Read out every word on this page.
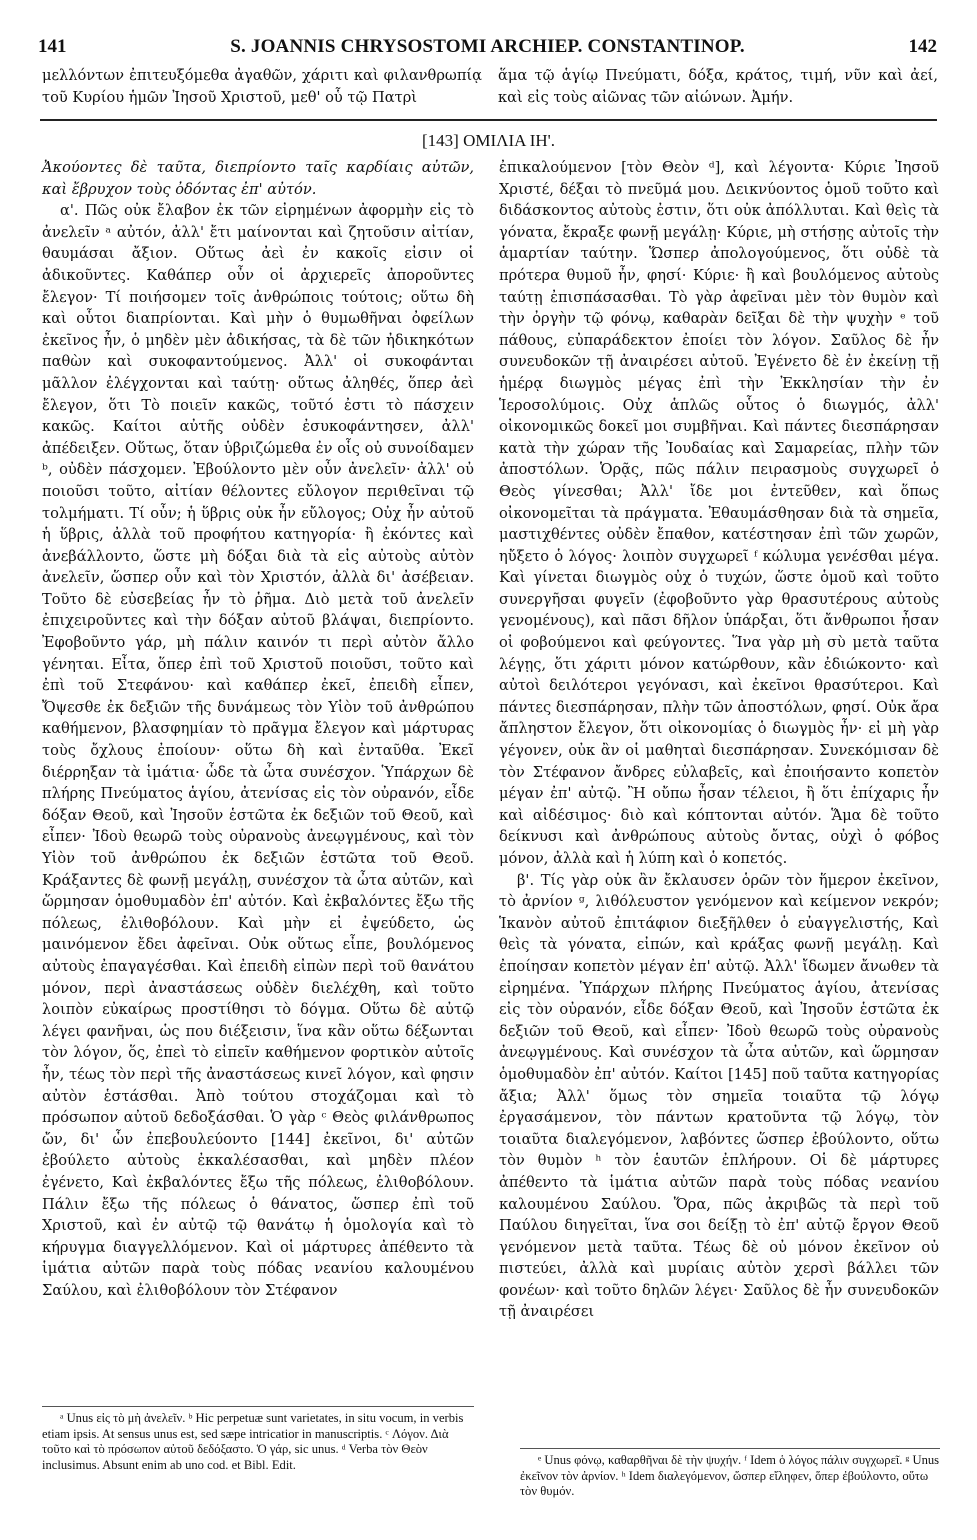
141	S. JOANNIS CHRYSOSTOMI ARCHIEP. CONSTANTINOP.	142

μελλόντων ἐπιτευξόμεθα ἀγαθῶν, χάριτι καὶ φιλανθρωπίᾳ τοῦ Κυρίου ἡμῶν Ἰησοῦ Χριστοῦ, μεθ' οὗ τῷ Πατρὶ

ἅμα τῷ ἁγίῳ Πνεύματι, δόξα, κράτος, τιμή, νῦν καὶ ἀεί, καὶ εἰς τοὺς αἰῶνας τῶν αἰώνων. Ἀμήν.

[143] ΟΜΙΛΙΑ ΙΗ'.

Ἀκούοντες δὲ ταῦτα, διεπρίοντο ταῖς καρδίαις αὐτῶν, καὶ ἔβρυχον τοὺς ὀδόντας ἐπ' αὐτόν.

α'. Πῶς οὐκ ἔλαβον ἐκ τῶν εἰρημένων ἀφορμὴν εἰς τὸ ἀνελεῖν ᵃ αὐτόν, ἀλλ' ἔτι μαίνονται καὶ ζητοῦσιν αἰτίαν, θαυμάσαι ἄξιον. Οὕτως ἀεὶ ἐν κακοῖς εἰσιν οἱ ἀδικοῦντες. Καθάπερ οὖν οἱ ἀρχιερεῖς ἀποροῦντες ἔλεγον· Τί ποιήσομεν τοῖς ἀνθρώποις τούτοις; οὕτω δὴ καὶ οὗτοι διαπρίονται. Καὶ μὴν ὁ θυμωθῆναι ὀφείλων ἐκεῖνος ἦν, ὁ μηδὲν μὲν ἀδικήσας, τὰ δὲ τῶν ἠδικηκότων παθὼν καὶ συκοφαντούμενος. Ἀλλ' οἱ συκοφάνται μᾶλλον ἐλέγχονται καὶ ταύτῃ· οὕτως ἀληθές, ὅπερ ἀεὶ ἔλεγον, ὅτι Τὸ ποιεῖν κακῶς, τοῦτό ἐστι τὸ πάσχειν κακῶς. Καίτοι αὐτῆς οὐδὲν ἐσυκοφάντησεν, ἀλλ' ἀπέδειξεν. Οὕτως, ὅταν ὑβριζώμεθα ἐν οἷς οὐ συνοίδαμεν ᵇ, οὐδὲν πάσχομεν. Ἐβούλοντο μὲν οὖν ἀνελεῖν· ἀλλ' οὐ ποιοῦσι τοῦτο, αἰτίαν θέλοντες εὔλογον περιθεῖναι τῷ τολμήματι. Τί οὖν; ἡ ὕβρις οὐκ ἦν εὔλογος; Οὐχ ἦν αὐτοῦ ἡ ὕβρις, ἀλλὰ τοῦ προφήτου κατηγορία· ἢ ἐκόντες καὶ ἀνεβάλλοντο, ὥστε μὴ δόξαι διὰ τὰ εἰς αὐτοὺς αὐτὸν ἀνελεῖν, ὥσπερ οὖν καὶ τὸν Χριστόν, ἀλλὰ δι' ἀσέβειαν. Τοῦτο δὲ εὐσεβείας ἦν τὸ ῥῆμα. Διὸ μετὰ τοῦ ἀνελεῖν ἐπιχειροῦντες καὶ τὴν δόξαν αὐτοῦ βλάψαι, διεπρίοντο. Ἐφοβοῦντο γάρ, μὴ πάλιν καινόν τι περὶ αὐτὸν ἄλλο γένηται. Εἶτα, ὅπερ ἐπὶ τοῦ Χριστοῦ ποιοῦσι, τοῦτο καὶ ἐπὶ τοῦ Στεφάνου· καὶ καθάπερ ἐκεῖ, ἐπειδὴ εἶπεν, Ὄψεσθε ἐκ δεξιῶν τῆς δυνάμεως τὸν Υἱὸν τοῦ ἀνθρώπου καθήμενον, βλασφημίαν τὸ πρᾶγμα ἔλεγον καὶ μάρτυρας τοὺς ὄχλους ἐποίουν· οὕτω δὴ καὶ ἐνταῦθα. Ἐκεῖ διέρρηξαν τὰ ἱμάτια· ὧδε τὰ ὦτα συνέσχον. Ὑπάρχων δὲ πλήρης Πνεύματος ἁγίου, ἀτενίσας εἰς τὸν οὐρανόν, εἶδε δόξαν Θεοῦ, καὶ Ἰησοῦν ἑστῶτα ἐκ δεξιῶν τοῦ Θεοῦ, καὶ εἶπεν· Ἰδοὺ θεωρῶ τοὺς οὐρανοὺς ἀνεῳγμένους, καὶ τὸν Υἱὸν τοῦ ἀνθρώπου ἐκ δεξιῶν ἑστῶτα τοῦ Θεοῦ. Κράξαντες δὲ φωνῇ μεγάλῃ, συνέσχον τὰ ὦτα αὐτῶν, καὶ ὥρμησαν ὁμοθυμαδὸν ἐπ' αὐτόν. Καὶ ἐκβαλόντες ἔξω τῆς πόλεως, ἐλιθοβόλουν. Καὶ μὴν εἰ ἐψεύδετο, ὡς μαινόμενον ἔδει ἀφεῖναι. Οὐκ οὕτως εἶπε, βουλόμενος αὐτοὺς ἐπαγαγέσθαι. Καὶ ἐπειδὴ εἰπὼν περὶ τοῦ θανάτου μόνον, περὶ ἀναστάσεως οὐδὲν διελέχθη, καὶ τοῦτο λοιπὸν εὐκαίρως προστίθησι τὸ δόγμα. Οὕτω δὲ αὐτῷ λέγει φανῆναι, ὡς που διέξεισιν, ἵνα κἂν οὕτω δέξωνται τὸν λόγον, ὅς, ἐπεὶ τὸ εἰπεῖν καθήμενον φορτικὸν αὐτοῖς ἦν, τέως τὸν περὶ τῆς ἀναστάσεως κινεῖ λόγον, καὶ φησιν αὐτὸν ἑστάσθαι. Ἀπὸ τούτου στοχάζομαι καὶ τὸ πρόσωπον αὐτοῦ δεδοξάσθαι. Ὁ γὰρ ᶜ Θεὸς φιλάνθρωπος ὤν, δι' ὧν ἐπεβουλεύοντο [144] ἐκεῖνοι, δι' αὐτῶν ἐβούλετο αὐτοὺς ἐκκαλέσασθαι, καὶ μηδὲν πλέον ἐγένετο, Καὶ ἐκβαλόντες ἔξω τῆς πόλεως, ἐλιθοβόλουν. Πάλιν ἔξω τῆς πόλεως ὁ θάνατος, ὥσπερ ἐπὶ τοῦ Χριστοῦ, καὶ ἐν αὐτῷ τῷ θανάτῳ ἡ ὁμολογία καὶ τὸ κήρυγμα διαγγελλόμενον. Καὶ οἱ μάρτυρες ἀπέθεντο τὰ ἱμάτια αὐτῶν παρὰ τοὺς πόδας νεανίου καλουμένου Σαύλου, καὶ ἐλιθοβόλουν τὸν Στέφανον

ἐπικαλούμενον [τὸν Θεὸν ᵈ], καὶ λέγοντα· Κύριε Ἰησοῦ Χριστέ, δέξαι τὸ πνεῦμά μου. Δεικνύοντος ὁμοῦ τοῦτο καὶ διδάσκοντος αὐτοὺς ἐστιν, ὅτι οὐκ ἀπόλλυται. Καὶ θεὶς τὰ γόνατα, ἔκραξε φωνῇ μεγάλῃ· Κύριε, μὴ στήσῃς αὐτοῖς τὴν ἁμαρτίαν ταύτην. Ὥσπερ ἀπολογούμενος, ὅτι οὐδὲ τὰ πρότερα θυμοῦ ἦν, φησί· Κύριε· ἢ καὶ βουλόμενος αὐτοὺς ταύτῃ ἐπισπάσασθαι. Τὸ γὰρ ἀφεῖναι μὲν τὸν θυμὸν καὶ τὴν ὀργὴν τῷ φόνῳ, καθαρὰν δεῖξαι δὲ τὴν ψυχὴν ᵉ τοῦ πάθους, εὐπαράδεκτον ἐποίει τὸν λόγον. Σαῦλος δὲ ἦν συνευδοκῶν τῇ ἀναιρέσει αὐτοῦ. Ἐγένετο δὲ ἐν ἐκείνῃ τῇ ἡμέρᾳ διωγμὸς μέγας ἐπὶ τὴν Ἐκκλησίαν τὴν ἐν Ἱεροσολύμοις. Οὐχ ἁπλῶς οὗτος ὁ διωγμός, ἀλλ' οἰκονομικῶς δοκεῖ μοι συμβῆναι. Καὶ πάντες διεσπάρησαν κατὰ τὴν χώραν τῆς Ἰουδαίας καὶ Σαμαρείας, πλὴν τῶν ἀποστόλων. Ὁρᾷς, πῶς πάλιν πειρασμοὺς συγχωρεῖ ὁ Θεὸς γίνεσθαι; Ἀλλ' ἴδε μοι ἐντεῦθεν, καὶ ὅπως οἰκονομεῖται τὰ πράγματα. Ἐθαυμάσθησαν διὰ τὰ σημεῖα, μαστιχθέντες οὐδὲν ἔπαθον, κατέστησαν ἐπὶ τῶν χωρῶν, ηὔξετο ὁ λόγος· λοιπὸν συγχωρεῖ ᶠ κώλυμα γενέσθαι μέγα. Καὶ γίνεται διωγμὸς οὐχ ὁ τυχών, ὥστε ὁμοῦ καὶ τοῦτο συνεργῆσαι φυγεῖν (ἐφοβοῦντο γὰρ θρασυτέρους αὐτοὺς γενομένους), καὶ πᾶσι δῆλον ὑπάρξαι, ὅτι ἄνθρωποι ἦσαν οἱ φοβούμενοι καὶ φεύγοντες. Ἵνα γὰρ μὴ σὺ μετὰ ταῦτα λέγῃς, ὅτι χάριτι μόνον κατώρθουν, κἂν ἐδιώκοντο· καὶ αὐτοὶ δειλότεροι γεγόνασι, καὶ ἐκεῖνοι θρασύτεροι. Καὶ πάντες διεσπάρησαν, πλὴν τῶν ἀποστόλων, φησί. Οὐκ ἄρα ἄπληστον ἔλεγον, ὅτι οἰκονομίας ὁ διωγμὸς ἦν· εἰ μὴ γὰρ γέγονεν, οὐκ ἂν οἱ μαθηταὶ διεσπάρησαν. Συνεκόμισαν δὲ τὸν Στέφανον ἄνδρες εὐλαβεῖς, καὶ ἐποιήσαντο κοπετὸν μέγαν ἐπ' αὐτῷ. Ἢ οὔπω ἦσαν τέλειοι, ἢ ὅτι ἐπίχαρις ἦν καὶ αἰδέσιμος· διὸ καὶ κόπτονται αὐτόν. Ἅμα δὲ τοῦτο δείκνυσι καὶ ἀνθρώπους αὐτοὺς ὄντας, οὐχὶ ὁ φόβος μόνον, ἀλλὰ καὶ ἡ λύπη καὶ ὁ κοπετός.

β'. Τίς γὰρ οὐκ ἂν ἔκλαυσεν ὁρῶν τὸν ἥμερον ἐκεῖνον, τὸ ἀρνίον ᵍ, λιθόλευστον γενόμενον καὶ κείμενον νεκρόν; Ἱκανὸν αὐτοῦ ἐπιτάφιον διεξῆλθεν ὁ εὐαγγελιστής, Καὶ θεὶς τὰ γόνατα, εἰπών, καὶ κράξας φωνῇ μεγάλῃ. Καὶ ἐποίησαν κοπετὸν μέγαν ἐπ' αὐτῷ. Ἀλλ' ἴδωμεν ἄνωθεν τὰ εἰρημένα. Ὑπάρχων πλήρης Πνεύματος ἁγίου, ἀτενίσας εἰς τὸν οὐρανόν, εἶδε δόξαν Θεοῦ, καὶ Ἰησοῦν ἑστῶτα ἐκ δεξιῶν τοῦ Θεοῦ, καὶ εἶπεν· Ἰδοὺ θεωρῶ τοὺς οὐρανοὺς ἀνεῳγμένους. Καὶ συνέσχον τὰ ὦτα αὐτῶν, καὶ ὥρμησαν ὁμοθυμαδὸν ἐπ' αὐτόν. Καίτοι [145] ποῦ ταῦτα κατηγορίας ἄξια; Ἀλλ' ὅμως τὸν σημεῖα τοιαῦτα τῷ λόγῳ ἐργασάμενον, τὸν πάντων κρατοῦντα τῷ λόγῳ, τὸν τοιαῦτα διαλεγόμενον, λαβόντες ὥσπερ ἐβούλοντο, οὕτω τὸν θυμὸν ʰ τὸν ἑαυτῶν ἐπλήρουν. Οἱ δὲ μάρτυρες ἀπέθεντο τὰ ἱμάτια αὐτῶν παρὰ τοὺς πόδας νεανίου καλουμένου Σαύλου. Ὅρα, πῶς ἀκριβῶς τὰ περὶ τοῦ Παύλου διηγεῖται, ἵνα σοι δείξῃ τὸ ἐπ' αὐτῷ ἔργον Θεοῦ γενόμενον μετὰ ταῦτα. Τέως δὲ οὐ μόνον ἐκεῖνον οὐ πιστεύει, ἀλλὰ καὶ μυρίαις αὐτὸν χερσὶ βάλλει τῶν φονέων· καὶ τοῦτο δηλῶν λέγει· Σαῦλος δὲ ἦν συνευδοκῶν τῇ ἀναιρέσει

ᵃ Unus εἰς τὸ μὴ ἀνελεῖν. ᵇ Hic perpetuæ sunt varietates, in situ vocum, in verbis etiam ipsis. At sensus unus est, sed sæpe intricatior in manuscriptis. ᶜ Λόγον. Διὰ τοῦτο καὶ τὸ πρόσωπον αὐτοῦ δεδόξαστο. Ὁ γάρ, sic unus. ᵈ Verba τὸν Θεὸν inclusimus. Absunt enim ab uno cod. et Bibl. Edit.	ᵉ Unus φόνῳ, καθαρθῆναι δὲ τὴν ψυχήν. ᶠ Idem ὁ λόγος πάλιν συγχωρεῖ. ᵍ Unus ἐκεῖνον τὸν ἀρνίον. ʰ Idem διαλεγόμενον, ὥσπερ εἴληφεν, ὅπερ ἐβούλοντο, οὕτω τὸν θυμόν.
